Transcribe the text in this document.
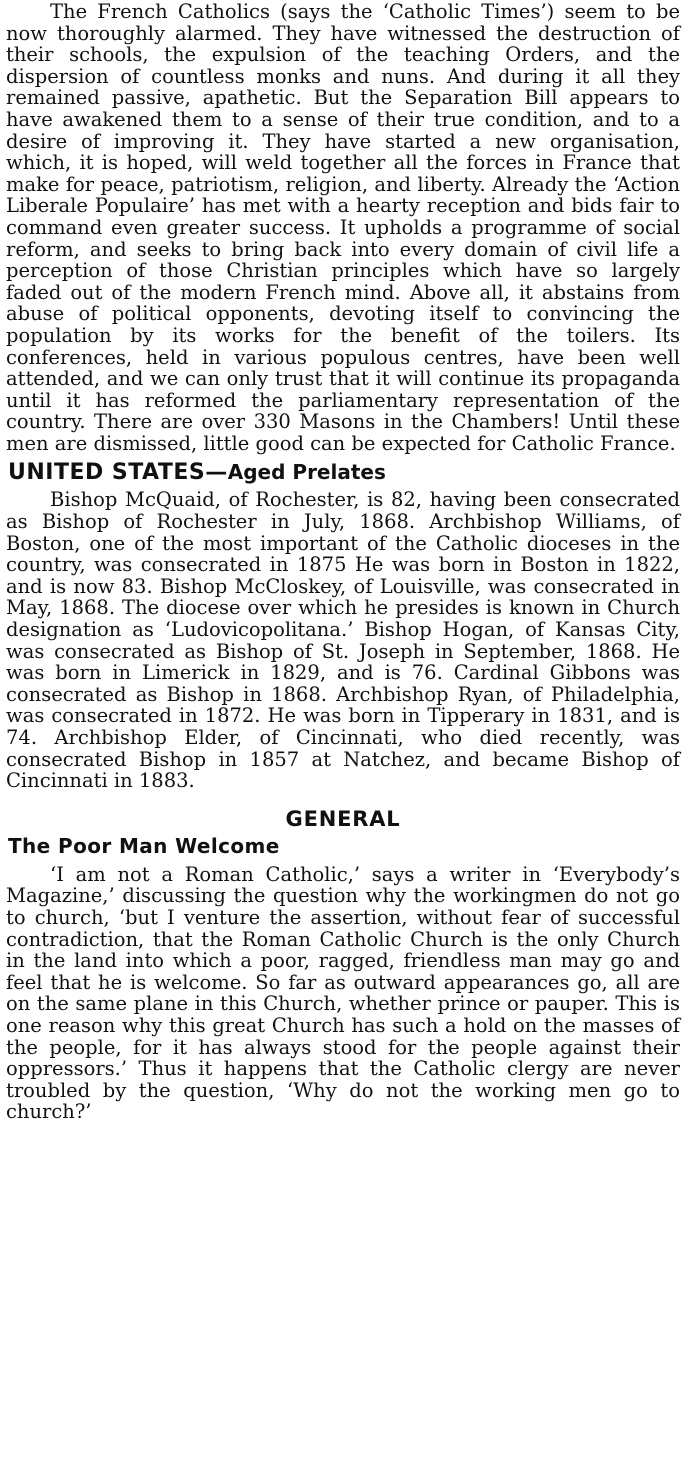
The French Catholics (says the ‘Catholic Times’) seem to be now thoroughly alarmed. They have witnessed the destruction of their schools, the expulsion of the teaching Orders, and the dispersion of countless monks and nuns. And during it all they remained passive, apathetic. But the Separation Bill appears to have awakened them to a sense of their true condition, and to a desire of improving it. They have started a new organisation, which, it is hoped, will weld together all the forces in France that make for peace, patriotism, religion, and liberty. Already the ‘Action Liberale Populaire’ has met with a hearty reception and bids fair to command even greater success. It upholds a programme of social reform, and seeks to bring back into every domain of civil life a perception of those Christian principles which have so largely faded out of the modern French mind. Above all, it abstains from abuse of political opponents, devoting itself to convincing the population by its works for the benefit of the toilers. Its conferences, held in various populous centres, have been well attended, and we can only trust that it will continue its propaganda until it has reformed the parliamentary representation of the country. There are over 330 Masons in the Chambers! Until these men are dismissed, little good can be expected for Catholic France.

UNITED STATES—Aged Prelates

Bishop McQuaid, of Rochester, is 82, having been consecrated as Bishop of Rochester in July, 1868. Archbishop Williams, of Boston, one of the most important of the Catholic dioceses in the country, was consecrated in 1875 He was born in Boston in 1822, and is now 83. Bishop McCloskey, of Louisville, was consecrated in May, 1868. The diocese over which he presides is known in Church designation as ‘Ludovicopolitana.’ Bishop Hogan, of Kansas City, was consecrated as Bishop of St. Joseph in September, 1868. He was born in Limerick in 1829, and is 76. Cardinal Gibbons was consecrated as Bishop in 1868. Archbishop Ryan, of Philadelphia, was consecrated in 1872. He was born in Tipperary in 1831, and is 74. Archbishop Elder, of Cincinnati, who died recently, was consecrated Bishop in 1857 at Natchez, and became Bishop of Cincinnati in 1883.

GENERAL
The Poor Man Welcome

‘I am not a Roman Catholic,’ says a writer in ‘Everybody’s Magazine,’ discussing the question why the workingmen do not go to church, ‘but I venture the assertion, without fear of successful contradiction, that the Roman Catholic Church is the only Church in the land into which a poor, ragged, friendless man may go and feel that he is welcome. So far as outward appearances go, all are on the same plane in this Church, whether prince or pauper. This is one reason why this great Church has such a hold on the masses of the people, for it has always stood for the people against their oppressors.’ Thus it happens that the Catholic clergy are never troubled by the question, ‘Why do not the working men go to church?’
